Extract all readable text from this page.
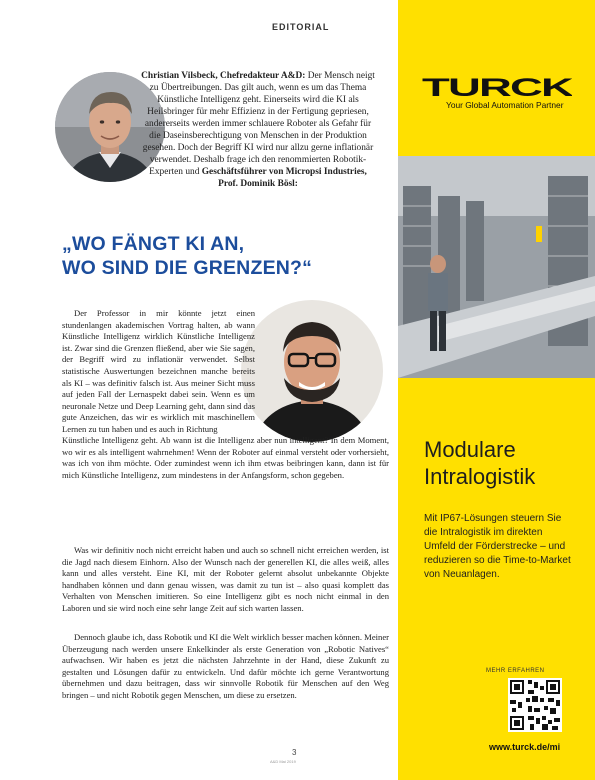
EDITORIAL
Christian Vilsbeck, Chefredakteur A&D: Der Mensch neigt zu Übertreibungen. Das gilt auch, wenn es um das Thema Künstliche Intelligenz geht. Einerseits wird die KI als Heilsbringer für mehr Effizienz in der Fertigung gepriesen, andererseits werden immer schlauere Roboter als Gefahr für die Daseinsberechtigung von Menschen in der Produktion gesehen. Doch der Begriff KI wird nur allzu gerne inflationär verwendet. Deshalb frage ich den renommierten Robotik-Experten und Geschäftsführer von Micropsi Industries,
Prof. Dominik Bösl:
„WO FÄNGT KI AN,
WO SIND DIE GRENZEN?“
Der Professor in mir könnte jetzt einen stundenlangen akademischen Vortrag halten, ab wann Künstliche Intelligenz wirklich Künstliche Intelligenz ist. Zwar sind die Grenzen fließend, aber wie Sie sagen, der Begriff wird zu inflationär verwendet. Selbst statistische Auswertungen bezeichnen manche bereits als KI – was definitiv falsch ist. Aus meiner Sicht muss auf jeden Fall der Lernaspekt dabei sein. Wenn es um neuronale Netze und Deep Learning geht, dann sind das gute Anzeichen, das wir es wirklich mit maschinellem Lernen zu tun haben und es auch in Richtung
Künstliche Intelligenz geht. Ab wann ist die Intelligenz aber nun intelligent? In dem Moment, wo wir es als intelligent wahrnehmen! Wenn der Roboter auf einmal versteht oder vorhersieht, was ich von ihm möchte. Oder zumindest wenn ich ihm etwas beibringen kann, dann ist für mich Künstliche Intelligenz, zum mindestens in der Anfangsform, schon gegeben.
Was wir definitiv noch nicht erreicht haben und auch so schnell nicht erreichen werden, ist die Jagd nach diesem Einhorn. Also der Wunsch nach der generellen KI, die alles weiß, alles kann und alles versteht. Eine KI, mit der Roboter gelernt absolut unbekannte Objekte handhaben können und dann genau wissen, was damit zu tun ist – also quasi komplett das Verhalten von Menschen imitieren. So eine Intelligenz gibt es noch nicht einmal in den Laboren und sie wird noch eine sehr lange Zeit auf sich warten lassen.
Dennoch glaube ich, dass Robotik und KI die Welt wirklich besser machen können. Meiner Überzeugung nach werden unsere Enkelkinder als erste Generation von „Robotic Natives“ aufwachsen. Wir haben es jetzt die nächsten Jahrzehnte in der Hand, diese Zukunft zu gestalten und Lösungen dafür zu entwickeln. Und dafür möchte ich gerne Verantwortung übernehmen und dazu beitragen, dass wir sinnvolle Robotik für Menschen auf den Weg bringen – und nicht Robotik gegen Menschen, um diese zu ersetzen.
3
A&D Mai 2019
TURCK
Your Global Automation Partner
Modulare
Intralogistik
Mit IP67-Lösungen steuern Sie die Intralogistik im direkten Umfeld der Förderstrecke – und reduzieren so die Time-to-Market von Neuanlagen.
MEHR ERFAHREN
www.turck.de/mi
